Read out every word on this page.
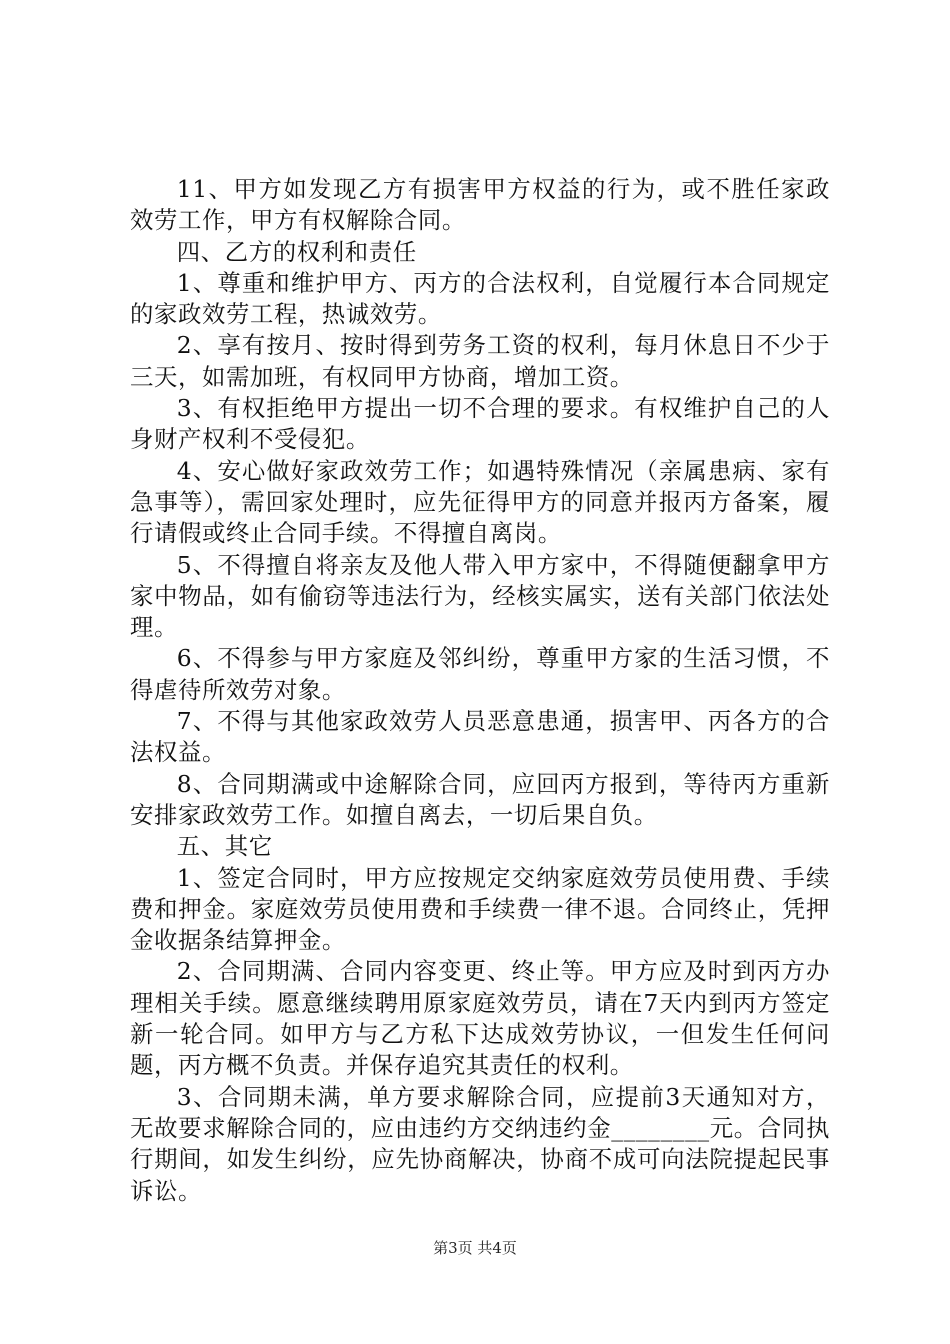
11、甲方如发现乙方有损害甲方权益的行为，或不胜任家政效劳工作，甲方有权解除合同。

四、乙方的权利和责任

1、尊重和维护甲方、丙方的合法权利，自觉履行本合同规定的家政效劳工程，热诚效劳。

2、享有按月、按时得到劳务工资的权利，每月休息日不少于三天，如需加班，有权同甲方协商，增加工资。

3、有权拒绝甲方提出一切不合理的要求。有权维护自己的人身财产权利不受侵犯。

4、安心做好家政效劳工作；如遇特殊情况（亲属患病、家有急事等），需回家处理时，应先征得甲方的同意并报丙方备案，履行请假或终止合同手续。不得擅自离岗。

5、不得擅自将亲友及他人带入甲方家中，不得随便翻拿甲方家中物品，如有偷窃等违法行为，经核实属实，送有关部门依法处理。

6、不得参与甲方家庭及邻纠纷，尊重甲方家的生活习惯，不得虐待所效劳对象。

7、不得与其他家政效劳人员恶意患通，损害甲、丙各方的合法权益。

8、合同期满或中途解除合同，应回丙方报到，等待丙方重新安排家政效劳工作。如擅自离去，一切后果自负。

五、其它

1、签定合同时，甲方应按规定交纳家庭效劳员使用费、手续费和押金。家庭效劳员使用费和手续费一律不退。合同终止，凭押金收据条结算押金。

2、合同期满、合同内容变更、终止等。甲方应及时到丙方办理相关手续。愿意继续聘用原家庭效劳员，请在7天内到丙方签定新一轮合同。如甲方与乙方私下达成效劳协议，一但发生任何问题，丙方概不负责。并保存追究其责任的权利。

3、合同期未满，单方要求解除合同，应提前3天通知对方，无故要求解除合同的，应由违约方交纳违约金________元。合同执行期间，如发生纠纷，应先协商解决，协商不成可向法院提起民事诉讼。

第3页 共4页
